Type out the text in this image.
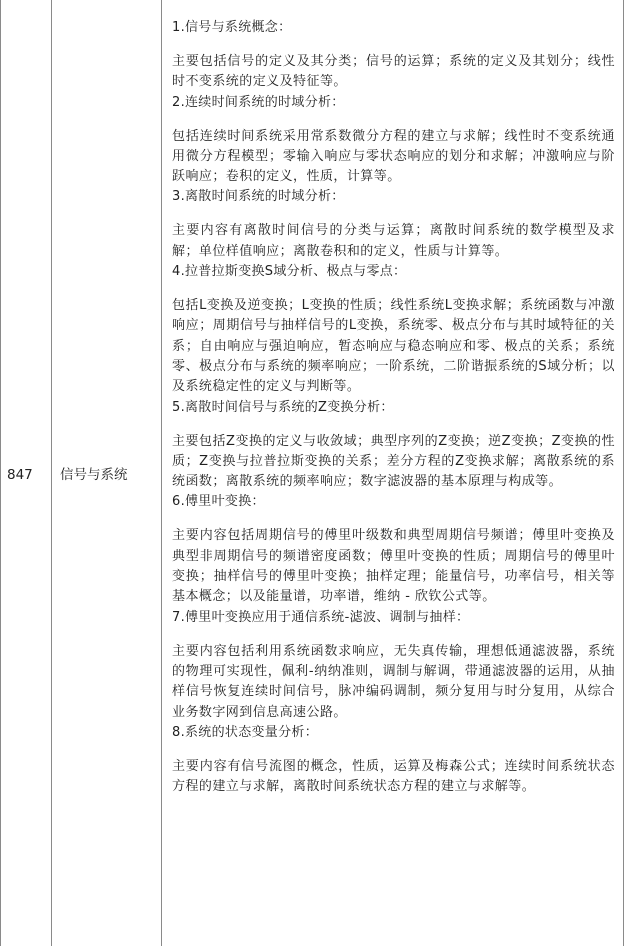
847 信号与系统

1.信号与系统概念：

主要包括信号的定义及其分类；信号的运算；系统的定义及其划分；线性时不变系统的定义及特征等。

2.连续时间系统的时域分析：

包括连续时间系统采用常系数微分方程的建立与求解；线性时不变系统通用微分方程模型；零输入响应与零状态响应的划分和求解；冲激响应与阶跃响应；卷积的定义，性质，计算等。

3.离散时间系统的时域分析：

主要内容有离散时间信号的分类与运算；离散时间系统的数学模型及求解；单位样值响应；离散卷积和的定义，性质与计算等。

4.拉普拉斯变换S域分析、极点与零点：

包括L变换及逆变换；L变换的性质；线性系统L变换求解；系统函数与冲激响应；周期信号与抽样信号的L变换，系统零、极点分布与其时域特征的关系；自由响应与强迫响应，暂态响应与稳态响应和零、极点的关系；系统零、极点分布与系统的频率响应；一阶系统，二阶谐振系统的S域分析；以及系统稳定性的定义与判断等。

5.离散时间信号与系统的Z变换分析：

主要包括Z变换的定义与收敛域；典型序列的Z变换；逆Z变换；Z变换的性质；Z变换与拉普拉斯变换的关系；差分方程的Z变换求解；离散系统的系统函数；离散系统的频率响应；数字滤波器的基本原理与构成等。

6.傅里叶变换：

主要内容包括周期信号的傅里叶级数和典型周期信号频谱；傅里叶变换及典型非周期信号的频谱密度函数；傅里叶变换的性质；周期信号的傅里叶变换；抽样信号的傅里叶变换；抽样定理；能量信号，功率信号，相关等基本概念；以及能量谱，功率谱，维纳 - 欣钦公式等。

7.傅里叶变换应用于通信系统-滤波、调制与抽样：

主要内容包括利用系统函数求响应，无失真传输，理想低通滤波器，系统的物理可实现性，佩利-纳纳准则，调制与解调，带通滤波器的运用，从抽样信号恢复连续时间信号，脉冲编码调制，频分复用与时分复用，从综合业务数字网到信息高速公路。

8.系统的状态变量分析：

主要内容有信号流图的概念，性质，运算及梅森公式；连续时间系统状态方程的建立与求解，离散时间系统状态方程的建立与求解等。
